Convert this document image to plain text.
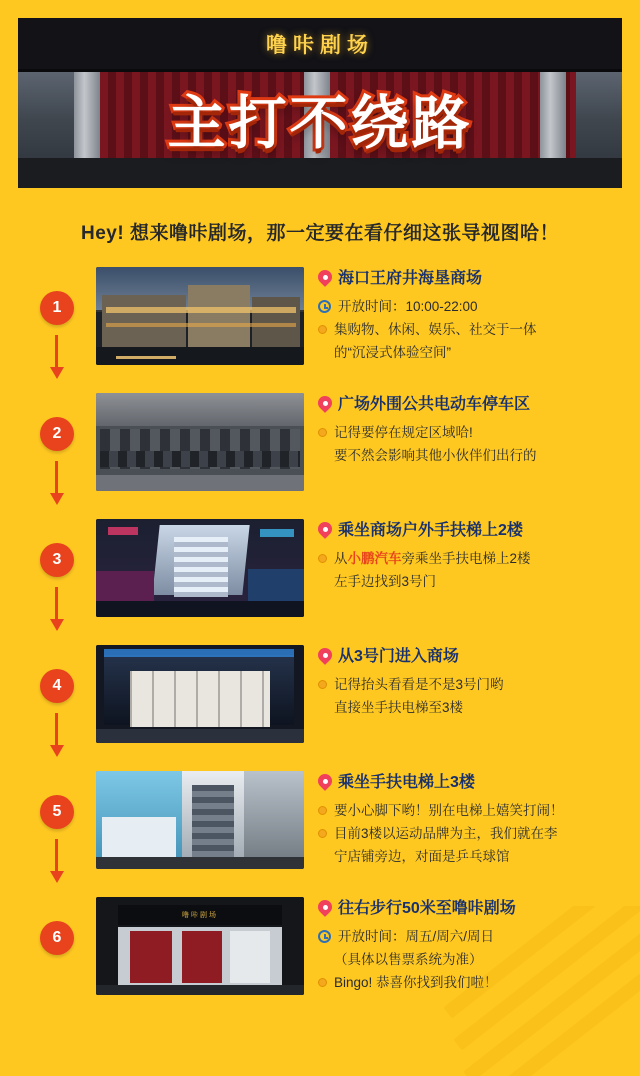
噜咔剧场
主打不绕路
Hey! 想来噜咔剧场，那一定要在看仔细这张导视图哈！
1
海口王府井海垦商场
开放时间：10:00-22:00
集购物、休闲、娱乐、社交于一体
的“沉浸式体验空间”
2
广场外围公共电动车停车区
记得要停在规定区域哈!
要不然会影响其他小伙伴们出行的
3
乘坐商场户外手扶梯上2楼
从小鹏汽车旁乘坐手扶电梯上2楼
左手边找到3号门
4
从3号门进入商场
记得抬头看看是不是3号门哟
直接坐手扶电梯至3楼
5
乘坐手扶电梯上3楼
要小心脚下哟！别在电梯上嬉笑打闹！
目前3楼以运动品牌为主，我们就在李
宁店铺旁边，对面是乒乓球馆
6
噜咔剧场	往右步行50米至噜咔剧场
开放时间：周五/周六/周日
（具体以售票系统为准）
Bingo! 恭喜你找到我们啦！
